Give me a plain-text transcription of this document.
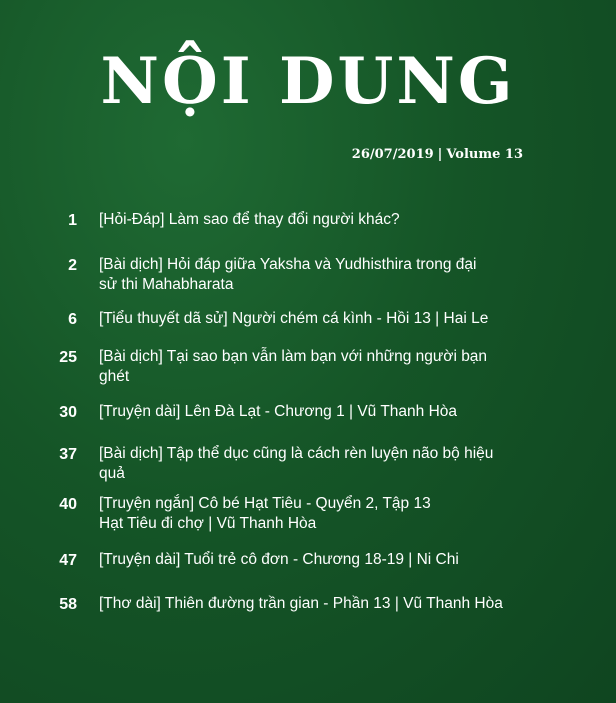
NỘI DUNG
26/07/2019 | Volume 13
1 [Hỏi-Đáp] Làm sao để thay đổi người khác?
2 [Bài dịch] Hỏi đáp giữa Yaksha và Yudhisthira trong đại
sử thi Mahabharata
6 [Tiểu thuyết dã sử] Người chém cá kình - Hồi 13 | Hai Le
25 [Bài dịch] Tại sao bạn vẫn làm bạn với những người bạn
ghét
30 [Truyện dài] Lên Đà Lạt - Chương 1 | Vũ Thanh Hòa
37 [Bài dịch] Tập thể dục cũng là cách rèn luyện não bộ hiệu
quả
40 [Truyện ngắn] Cô bé Hạt Tiêu - Quyển 2, Tập 13
Hạt Tiêu đi chợ | Vũ Thanh Hòa
47 [Truyện dài] Tuổi trẻ cô đơn - Chương 18-19 | Ni Chi
58 [Thơ dài] Thiên đường trần gian - Phần 13 | Vũ Thanh Hòa
